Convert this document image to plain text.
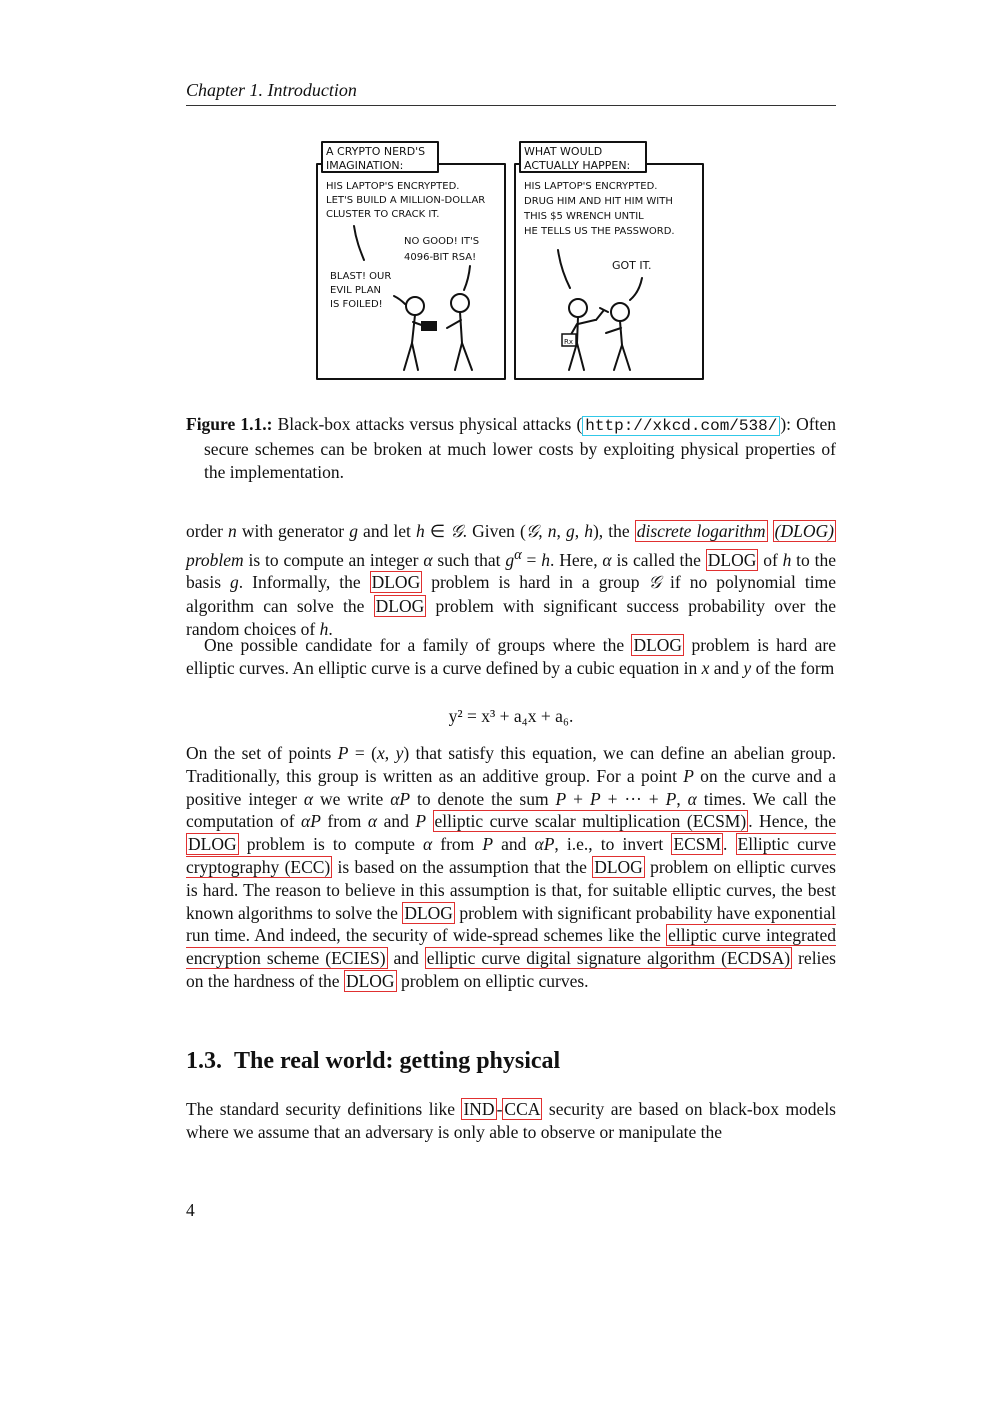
Chapter 1. Introduction
Rx
A CRYPTO NERD'S IMAGINATION:
HIS LAPTOP'S ENCRYPTED. LET'S BUILD A MILLION-DOLLAR CLUSTER TO CRACK IT.
NO GOOD! IT'S 4096-BIT RSA!
BLAST! OUR EVIL PLAN IS FOILED!
WHAT WOULD ACTUALLY HAPPEN:
HIS LAPTOP'S ENCRYPTED. DRUG HIM AND HIT HIM WITH THIS $5 WRENCH UNTIL HE TELLS US THE PASSWORD.
GOT IT.
Figure 1.1.: Black-box attacks versus physical attacks ( http://xkcd.com/538/ ): Often secure schemes can be broken at much lower costs by exploiting physical properties of the implementation.

order n with generator g and let h ∈ 𝒢. Given (𝒢, n, g, h), the discrete logarithm (DLOG) problem is to compute an integer α such that $g^\alpha = h$. Here, α is called the DLOG of h to the basis g. Informally, the DLOG problem is hard in a group 𝒢 if no polynomial time algorithm can solve the DLOG problem with significant success probability over the random choices of h.

One possible candidate for a family of groups where the DLOG problem is hard are elliptic curves. An elliptic curve is a curve defined by a cubic equation in x and y of the form

y² = x³ + a₄x + a₆.

On the set of points P = (x, y) that satisfy this equation, we can define an abelian group. Traditionally, this group is written as an additive group. For a point P on the curve and a positive integer α we write αP to denote the sum P + P + ··· + P, α times. We call the computation of αP from α and P elliptic curve scalar multiplication (ECSM) . Hence, the DLOG problem is to compute α from P and αP, i.e., to invert ECSM . Elliptic curve cryptography (ECC) is based on the assumption that the DLOG problem on elliptic curves is hard. The reason to believe in this assumption is that, for suitable elliptic curves, the best known algorithms to solve the DLOG problem with significant probability have exponential run time. And indeed, the security of wide-spread schemes like the elliptic curve integrated encryption scheme (ECIES) and elliptic curve digital signature algorithm (ECDSA) relies on the hardness of the DLOG problem on elliptic curves.

1.3. The real world: getting physical

The standard security definitions like IND - CCA security are based on black-box models where we assume that an adversary is only able to observe or manipulate the

4
